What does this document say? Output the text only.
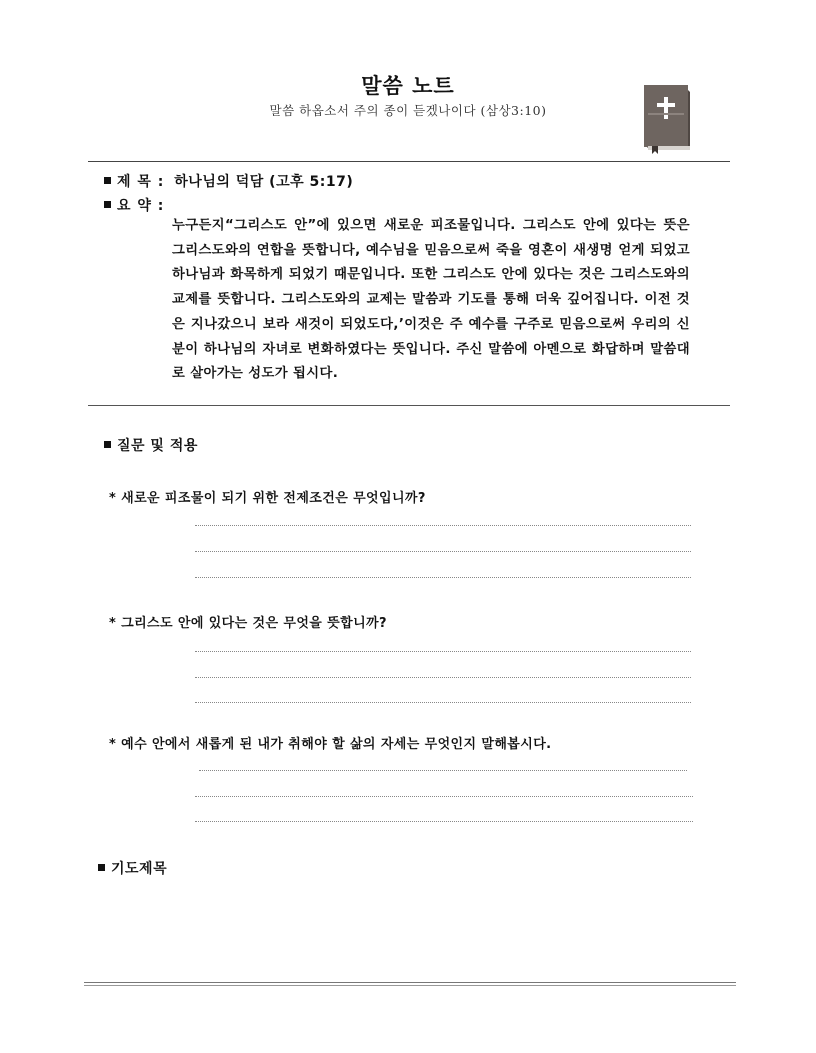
말씀 노트
말씀 하옵소서 주의 종이 듣겠나이다 (삼상3:10)
제 목 : 하나님의 덕담 (고후 5:17)
요 약 :
누구든지“그리스도 안”에 있으면 새로운 피조물입니다. 그리스도 안에 있다는 뜻은 그리스도와의 연합을 뜻합니다, 예수님을 믿음으로써 죽을 영혼이 새생명 얻게 되었고 하나님과 화목하게 되었기 때문입니다. 또한 그리스도 안에 있다는 것은 그리스도와의 교제를 뜻합니다. 그리스도와의 교제는 말씀과 기도를 통해 더욱 깊어집니다. 이전 것은 지나갔으니 보라 새것이 되었도다,’이것은 주 예수를 구주로 믿음으로써 우리의 신분이 하나님의 자녀로 변화하였다는 뜻입니다. 주신 말씀에 아멘으로 화답하며 말씀대로 살아가는 성도가 됩시다.
질문 및 적용
* 새로운 피조물이 되기 위한 전제조건은 무엇입니까?
* 그리스도 안에 있다는 것은 무엇을 뜻합니까?
* 예수 안에서 새롭게 된 내가 취해야 할 삶의 자세는 무엇인지 말해봅시다.
기도제목
